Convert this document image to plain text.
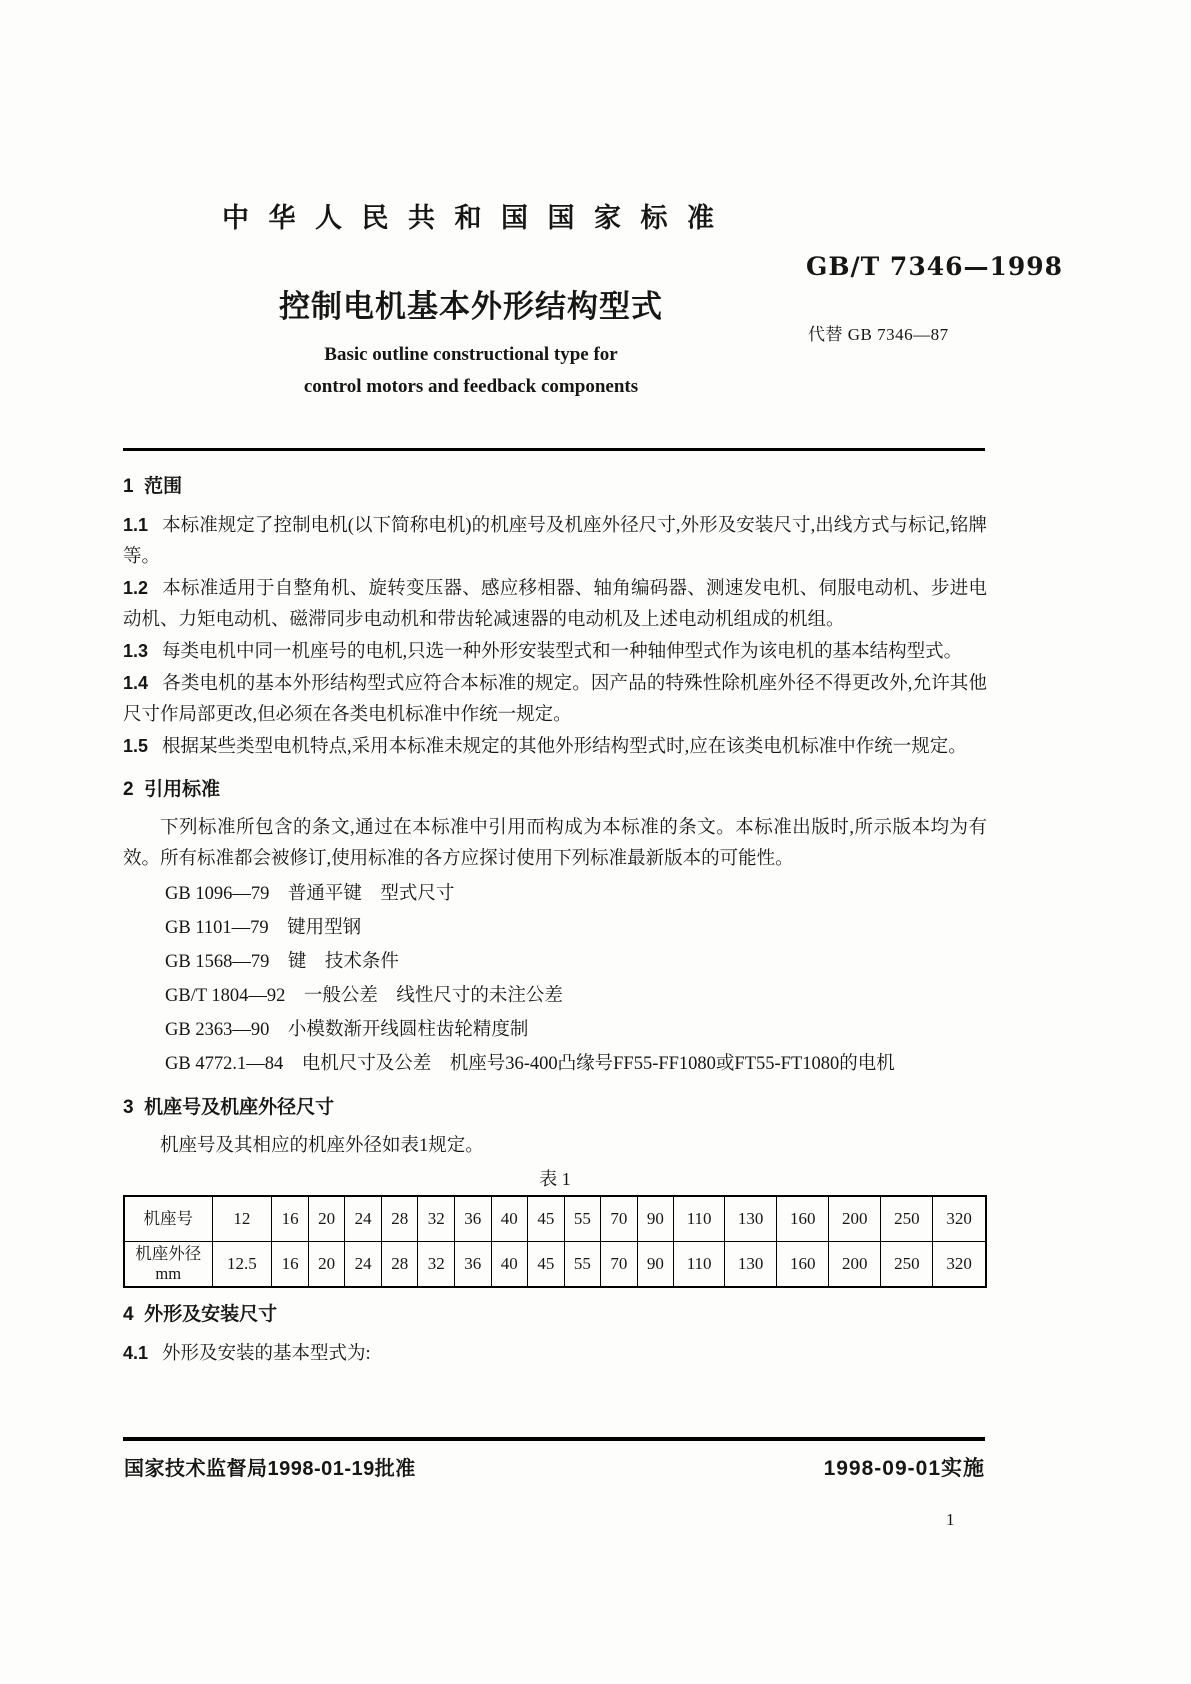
中 华 人 民 共 和 国 国 家 标 准
GB/T 7346—1998
控制电机基本外形结构型式
代替 GB 7346—87
Basic outline constructional type for
control motors and feedback components
1  范围

1.1 本标准规定了控制电机(以下简称电机)的机座号及机座外径尺寸,外形及安装尺寸,出线方式与标记,铭牌等。

1.2 本标准适用于自整角机、旋转变压器、感应移相器、轴角编码器、测速发电机、伺服电动机、步进电动机、力矩电动机、磁滞同步电动机和带齿轮减速器的电动机及上述电动机组成的机组。

1.3 每类电机中同一机座号的电机,只选一种外形安装型式和一种轴伸型式作为该电机的基本结构型式。

1.4 各类电机的基本外形结构型式应符合本标准的规定。因产品的特殊性除机座外径不得更改外,允许其他尺寸作局部更改,但必须在各类电机标准中作统一规定。

1.5 根据某些类型电机特点,采用本标准未规定的其他外形结构型式时,应在该类电机标准中作统一规定。

2  引用标准

下列标准所包含的条文,通过在本标准中引用而构成为本标准的条文。本标准出版时,所示版本均为有效。所有标准都会被修订,使用标准的各方应探讨使用下列标准最新版本的可能性。

GB 1096—79　普通平键　型式尺寸

GB 1101—79　键用型钢

GB 1568—79　键　技术条件

GB/T 1804—92　一般公差　线性尺寸的未注公差

GB 2363—90　小模数渐开线圆柱齿轮精度制

GB 4772.1—84　电机尺寸及公差　机座号36-400凸缘号FF55-FF1080或FT55-FT1080的电机

3  机座号及机座外径尺寸

机座号及其相应的机座外径如表1规定。

表 1
机座号	12	16	20	24	28	32	36	40	45	55	70	90	110	130	160	200	250	320

机座外径
mm	12.5	16	20	24	28	32	36	40	45	55	70	90	110	130	160	200	250	320
4  外形及安装尺寸

4.1 外形及安装的基本型式为:

国家技术监督局1998-01-19批准	1998-09-01实施
1
